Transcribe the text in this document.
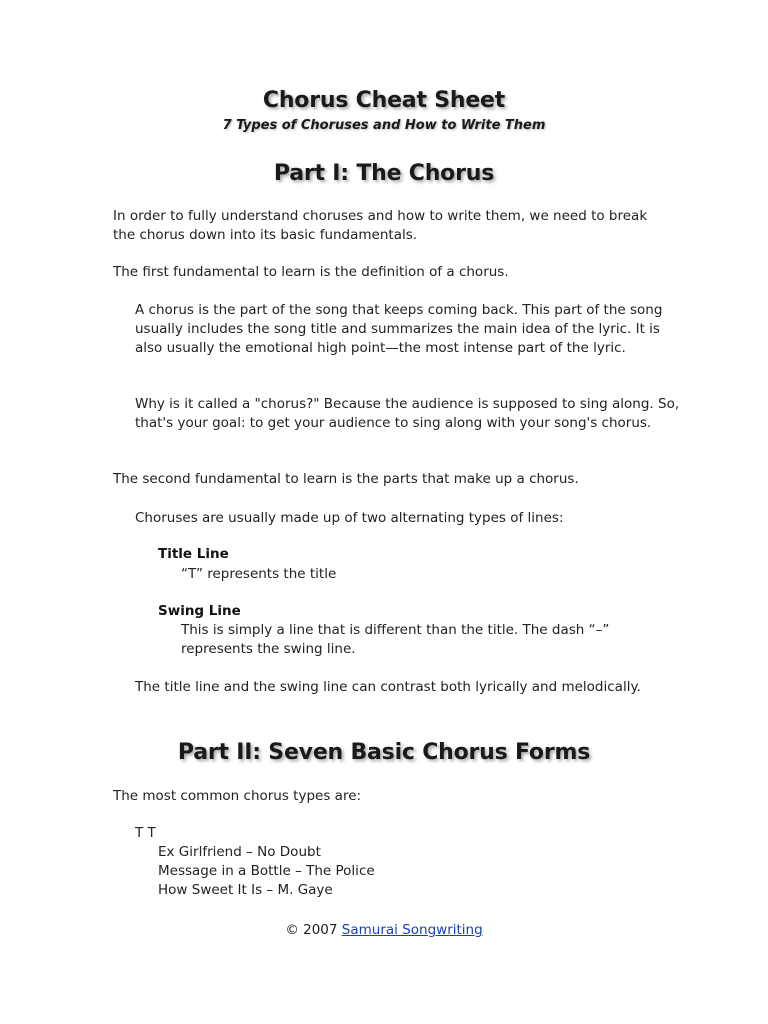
Chorus Cheat Sheet
7 Types of Choruses and How to Write Them
Part I: The Chorus
In order to fully understand choruses and how to write them, we need to break the chorus down into its basic fundamentals.
The first fundamental to learn is the definition of a chorus.
A chorus is the part of the song that keeps coming back. This part of the song usually includes the song title and summarizes the main idea of the lyric. It is also usually the emotional high point—the most intense part of the lyric.
Why is it called a "chorus?" Because the audience is supposed to sing along. So, that's your goal: to get your audience to sing along with your song's chorus.
The second fundamental to learn is the parts that make up a chorus.
Choruses are usually made up of two alternating types of lines:
Title Line
“T” represents the title
Swing Line
This is simply a line that is different than the title. The dash “–” represents the swing line.
The title line and the swing line can contrast both lyrically and melodically.
Part II: Seven Basic Chorus Forms
The most common chorus types are:
T T
Ex Girlfriend – No Doubt
Message in a Bottle – The Police
How Sweet It Is – M. Gaye
© 2007 Samurai Songwriting
